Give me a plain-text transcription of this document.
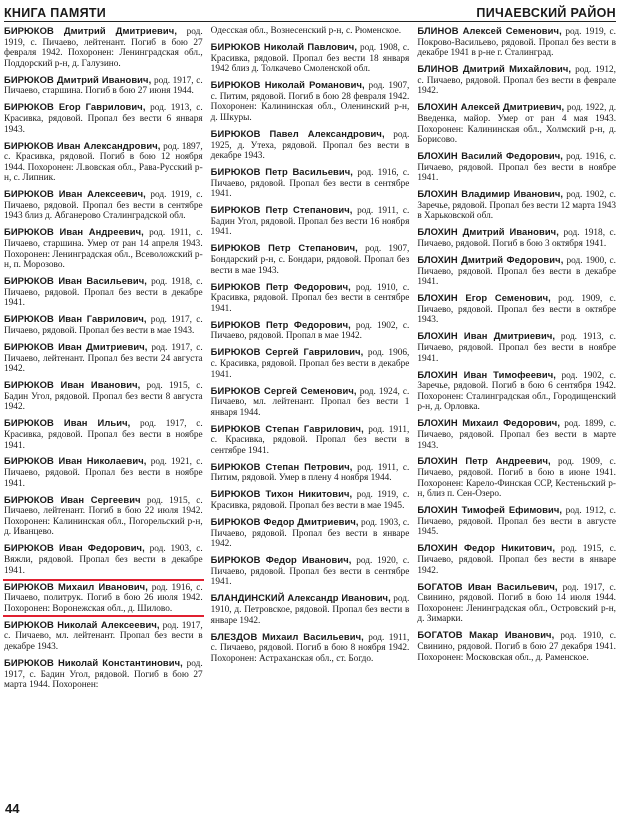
КНИГА ПАМЯТИ	ПИЧАЕВСКИЙ РАЙОН

БИРЮКОВ Дмитрий Дмитриевич, род. 1919, с. Пичаево, лейтенант. Погиб в бою 27 февраля 1942. Похоронен: Ленинградская обл., Поддорский р-н, д. Галузино.

БИРЮКОВ Дмитрий Иванович, род. 1917, с. Пичаево, старшина. Погиб в бою 27 июня 1944.

БИРЮКОВ Егор Гаврилович, род. 1913, с. Красивка, рядовой. Пропал без вести 6 января 1943.

БИРЮКОВ Иван Александрович, род. 1897, с. Красивка, рядовой. Погиб в бою 12 ноября 1944. Похоронен: Л.вовская обл., Рава-Русский р-н, с. Липник.

БИРЮКОВ Иван Алексеевич, род. 1919, с. Пичаево, рядовой. Пропал без вести в сентябре 1943 близ д. Абганерово Сталинградской обл.

БИРЮКОВ Иван Андреевич, род. 1911, с. Пичаево, старшина. Умер от ран 14 апреля 1943. Похоронен: Ленинградская обл., Всеволожский р-н, п. Морозово.

БИРЮКОВ Иван Васильевич, род. 1918, с. Пичаево, рядовой. Пропал без вести в декабре 1941.

БИРЮКОВ Иван Гаврилович, род. 1917, с. Пичаево, рядовой. Пропал без вести в мае 1943.

БИРЮКОВ Иван Дмитриевич, род. 1917, с. Пичаево, лейтенант. Пропал без вести 24 августа 1942.

БИРЮКОВ Иван Иванович, род. 1915, с. Бадин Угол, рядовой. Пропал без вести 8 августа 1942.

БИРЮКОВ Иван Ильич, род. 1917, с. Красивка, рядовой. Пропал без вести в ноябре 1941.

БИРЮКОВ Иван Николаевич, род. 1921, с. Пичаево, рядовой. Пропал без вести в ноябре 1941.

БИРЮКОВ Иван Сергеевич род. 1915, с. Пичаево, лейтенант. Погиб в бою 22 июля 1942. Похоронен: Калининская обл., Погорельский р-н, д. Иванцево.

БИРЮКОВ Иван Федорович, род. 1903, с. Вяжли, рядовой. Пропал без вести в декабре 1941.

БИРЮКОВ Михаил Иванович, род. 1916, с. Пичаево, политрук. Погиб в бою 26 июля 1942. Похоронен: Воронежская обл., д. Шилово.

БИРЮКОВ Николай Алексеевич, род. 1917, с. Пичаево, мл. лейтенант. Пропал без вести в декабре 1943.

БИРЮКОВ Николай Константинович, род. 1917, с. Бадин Угол, рядовой. Погиб в бою 27 марта 1944. Похоронен:

Одесская обл., Вознесенский р-н, с. Рюменское.

БИРЮКОВ Николай Павлович, род. 1908, с. Красивка, рядовой. Пропал без вести 18 января 1942 близ д. Толкачево Смоленской обл.

БИРЮКОВ Николай Романович, род. 1907, с. Питим, рядовой. Погиб в бою 28 февраля 1942. Похоронен: Калининская обл., Оленинский р-н, д. Шкуры.

БИРЮКОВ Павел Александрович, род. 1925, д. Утеха, рядовой. Пропал без вести в декабре 1943.

БИРЮКОВ Петр Васильевич, род. 1916, с. Пичаево, рядовой. Пропал без вести в сентябре 1941.

БИРЮКОВ Петр Степанович, род. 1911, с. Бадин Угол, рядовой. Пропал без вести 16 ноября 1941.

БИРЮКОВ Петр Степанович, род. 1907, Бондарский р-н, с. Бондари, рядовой. Пропал без вести в мае 1943.

БИРЮКОВ Петр Федорович, род. 1910, с. Красивка, рядовой. Пропал без вести в сентябре 1941.

БИРЮКОВ Петр Федорович, род. 1902, с. Пичаево, рядовой. Пропал в мае 1942.

БИРЮКОВ Сергей Гаврилович, род. 1906, с. Красивка, рядовой. Пропал без вести в декабре 1941.

БИРЮКОВ Сергей Семенович, род. 1924, с. Пичаево, мл. лейтенант. Пропал без вести 1 января 1944.

БИРЮКОВ Степан Гаврилович, род. 1911, с. Красивка, рядовой. Пропал без вести в сентябре 1941.

БИРЮКОВ Степан Петрович, род. 1911, с. Питим, рядовой. Умер в плену 4 ноября 1944.

БИРЮКОВ Тихон Никитович, род. 1919, с. Красивка, рядовой. Пропал без вести в мае 1945.

БИРЮКОВ Федор Дмитриевич, род. 1903, с. Пичаево, рядовой. Пропал без вести в январе 1942.

БИРЮКОВ Федор Иванович, род. 1920, с. Пичаево, рядовой. Пропал без вести в сентябре 1941.

БЛАНДИНСКИЙ Александр Иванович, род. 1910, д. Петровское, рядовой. Пропал без вести в январе 1942.

БЛЕЗДОВ Михаил Васильевич, род. 1911, с. Пичаево, рядовой. Погиб в бою 8 ноября 1942. Похоронен: Астраханская обл., ст. Богдо.

БЛИНОВ Алексей Семенович, род. 1919, с. Покрово-Васильево, рядовой. Пропал без вести в декабре 1941 в р-не г. Сталинград.

БЛИНОВ Дмитрий Михайлович, род. 1912, с. Пичаево, рядовой. Пропал без вести в феврале 1942.

БЛОХИН Алексей Дмитриевич, род. 1922, д. Введенка, майор. Умер от ран 4 мая 1943. Похоронен: Калининская обл., Холмский р-н, д. Борисово.

БЛОХИН Василий Федорович, род. 1916, с. Пичаево, рядовой. Пропал без вести в ноябре 1941.

БЛОХИН Владимир Иванович, род. 1902, с. Заречье, рядовой. Пропал без вести 12 марта 1943 в Харьковской обл.

БЛОХИН Дмитрий Иванович, род. 1918, с. Пичаево, рядовой. Погиб в бою 3 октября 1941.

БЛОХИН Дмитрий Федорович, род. 1900, с. Пичаево, рядовой. Пропал без вести в декабре 1941.

БЛОХИН Егор Семенович, род. 1909, с. Пичаево, рядовой. Пропал без вести в октябре 1943.

БЛОХИН Иван Дмитриевич, род. 1913, с. Пичаево, рядовой. Пропал без вести в ноябре 1941.

БЛОХИН Иван Тимофеевич, род. 1902, с. Заречье, рядовой. Погиб в бою 6 сентября 1942. Похоронен: Сталинградская обл., Городищенский р-н, д. Орловка.

БЛОХИН Михаил Федорович, род. 1899, с. Пичаево, рядовой. Пропал без вести в марте 1943.

БЛОХИН Петр Андреевич, род. 1909, с. Пичаево, рядовой. Погиб в бою в июне 1941. Похоронен: Карело-Финская ССР, Кестеньский р-н, близ п. Сен-Озеро.

БЛОХИН Тимофей Ефимович, род. 1912, с. Пичаево, рядовой. Пропал без вести в августе 1945.

БЛОХИН Федор Никитович, род. 1915, с. Пичаево, рядовой. Пропал без вести в январе 1942.

БОГАТОВ Иван Васильевич, род. 1917, с. Свинино, рядовой. Погиб в бою 14 июля 1944. Похоронен: Ленинградская обл., Островский р-н, д. Зимарки.

БОГАТОВ Макар Иванович, род. 1910, с. Свинино, рядовой. Погиб в бою 27 декабря 1941. Похоронен: Московская обл., д. Раменское.

44
